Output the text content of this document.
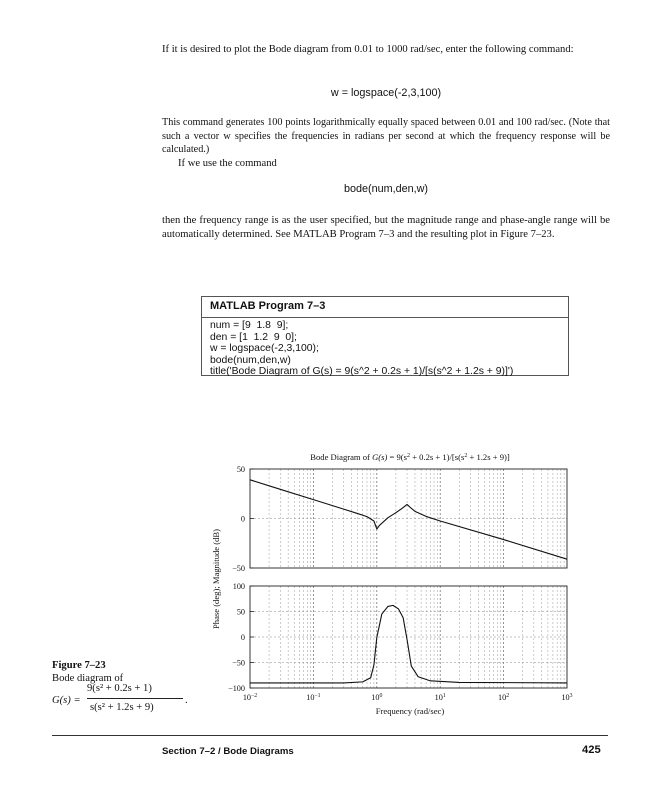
If it is desired to plot the Bode diagram from 0.01 to 1000 rad/sec, enter the following command:

w = logspace(-2,3,100)

This command generates 100 points logarithmically equally spaced between 0.01 and 100 rad/sec. (Note that such a vector w specifies the frequencies in radians per second at which the frequency response will be calculated.)

If we use the command

bode(num,den,w)

then the frequency range is as the user specified, but the magnitude range and phase-angle range will be automatically determined. See MATLAB Program 7–3 and the resulting plot in Figure 7–23.

MATLAB Program 7–3
num = [9  1.8  9];
den = [1  1.2  9  0];
w = logspace(-2,3,100);
bode(num,den,w)
title('Bode Diagram of G(s) = 9(s^2 + 0.2s + 1)/[s(s^2 + 1.2s + 9)]')
Bode Diagram of $G(s) = 9(s^2 + 0.2s + 1)/[s(s^2 + 1.2s + 9)]$
Phase (deg); Magnitude (dB)
Frequency (rad/sec)
50
0
−50
100
50
0
−50
−100
$10^{-2}$	$10^{-1}$	$10^0$	$10^1$	$10^2$	$10^3$
Figure 7–23
Bode diagram of
G(s) =
9(s² + 0.2s + 1)
s(s² + 1.2s + 9)
.
Section 7–2 / Bode Diagrams	425
